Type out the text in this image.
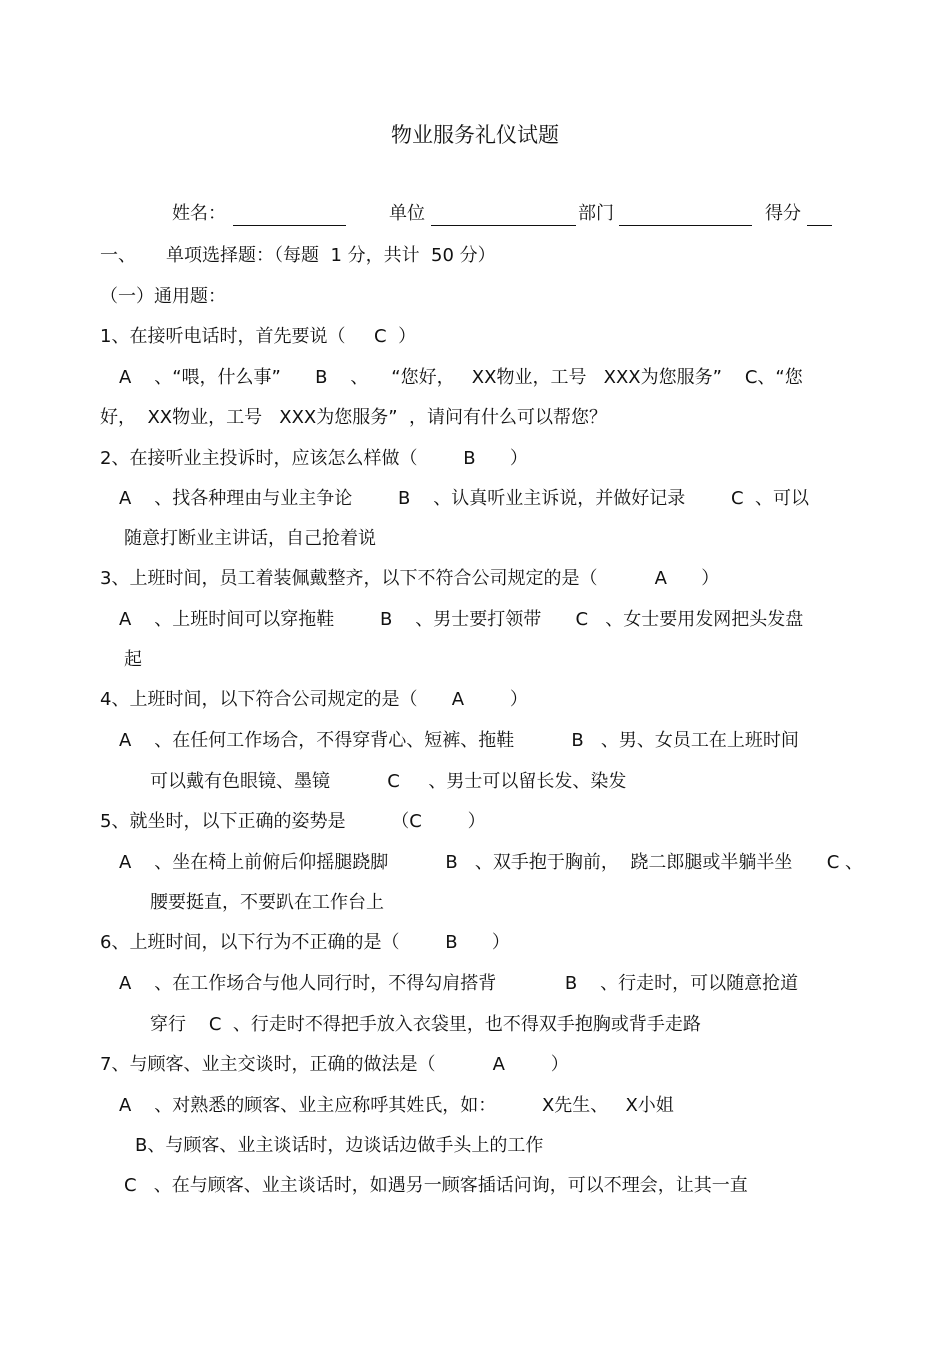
物业服务礼仪试题
姓名：	单位	部门	得分
一、 单项选择题：（每题  1 分，共计  50 分）
（一）通用题：
1、在接听电话时，首先要说（     C  ）
A    、“喂，什么事”      B    、    “您好，   XX物业，工号   XXX为您服务”    C、“您
好，  XX物业，工号   XXX为您服务”  ，请问有什么可以帮您？
2、在接听业主投诉时，应该怎么样做（        B      ）
A    、找各种理由与业主争论        B    、认真听业主诉说，并做好记录        C  、可以
随意打断业主讲话，自己抢着说
3、上班时间，员工着装佩戴整齐，以下不符合公司规定的是（          A      ）
A    、上班时间可以穿拖鞋        B    、男士要打领带      C   、女士要用发网把头发盘
起
4、上班时间，以下符合公司规定的是（      A        ）
A    、在任何工作场合，不得穿背心、短裤、拖鞋          B   、男、女员工在上班时间
可以戴有色眼镜、墨镜          C     、男士可以留长发、染发
5、就坐时，以下正确的姿势是        （C        ）
A    、坐在椅上前俯后仰摇腿跷脚          B   、双手抱于胸前，  跷二郎腿或半躺半坐      C 、
腰要挺直，不要趴在工作台上
6、上班时间，以下行为不正确的是（        B      ）
A    、在工作场合与他人同行时，不得勾肩搭背            B    、行走时，可以随意抢道
穿行    C  、行走时不得把手放入衣袋里，也不得双手抱胸或背手走路
7、与顾客、业主交谈时，正确的做法是（          A        ）
A    、对熟悉的顾客、业主应称呼其姓氏，如：        X先生、   X小姐
B、与顾客、业主谈话时，边谈话边做手头上的工作
C   、在与顾客、业主谈话时，如遇另一顾客插话问询，可以不理会，让其一直
